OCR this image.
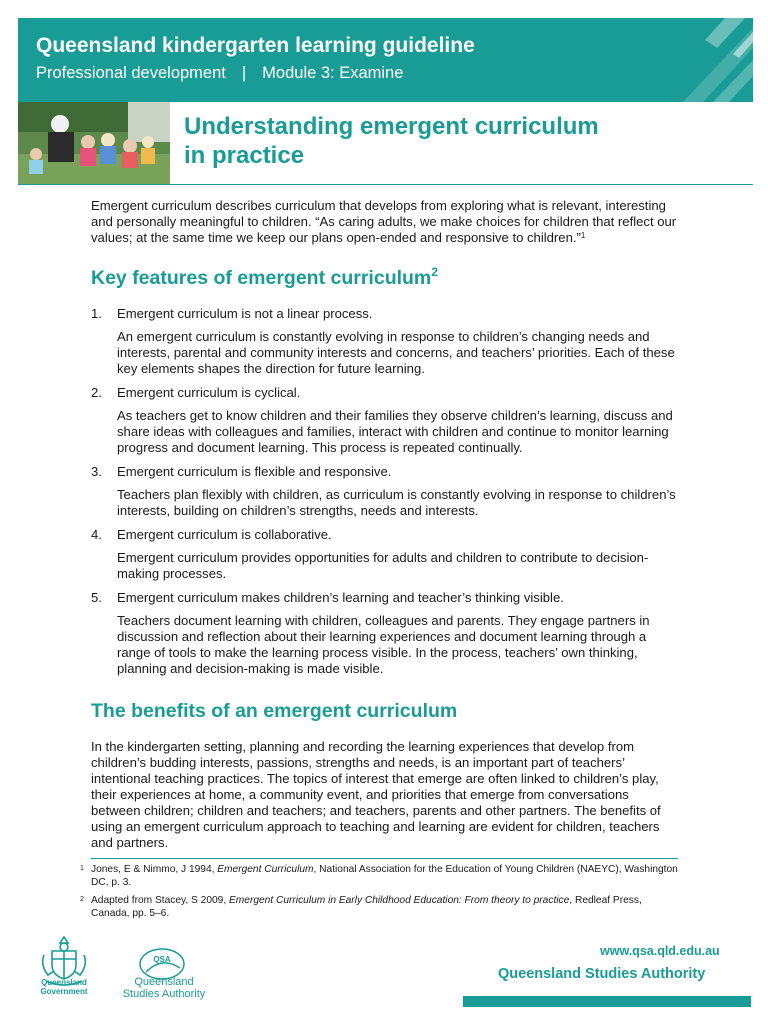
Queensland kindergarten learning guideline
Professional development | Module 3: Examine
Understanding emergent curriculum
in practice

Emergent curriculum describes curriculum that develops from exploring what is relevant, interesting and personally meaningful to children. “As caring adults, we make choices for children that reflect our values; at the same time we keep our plans open-ended and responsive to children.”$^1$

Key features of emergent curriculum$^2$
1. Emergent curriculum is not a linear process.

An emergent curriculum is constantly evolving in response to children’s changing needs and interests, parental and community interests and concerns, and teachers’ priorities. Each of these key elements shapes the direction for future learning.

2. Emergent curriculum is cyclical.

As teachers get to know children and their families they observe children’s learning, discuss and share ideas with colleagues and families, interact with children and continue to monitor learning progress and document learning. This process is repeated continually.

3. Emergent curriculum is flexible and responsive.

Teachers plan flexibly with children, as curriculum is constantly evolving in response to children’s interests, building on children’s strengths, needs and interests.

4. Emergent curriculum is collaborative.

Emergent curriculum provides opportunities for adults and children to contribute to decision-making processes.

5. Emergent curriculum makes children’s learning and teacher’s thinking visible.

Teachers document learning with children, colleagues and parents. They engage partners in discussion and reflection about their learning experiences and document learning through a range of tools to make the learning process visible. In the process, teachers’ own thinking, planning and decision-making is made visible.

The benefits of an emergent curriculum

In the kindergarten setting, planning and recording the learning experiences that develop from children’s budding interests, passions, strengths and needs, is an important part of teachers’ intentional teaching practices. The topics of interest that emerge are often linked to children’s play, their experiences at home, a community event, and priorities that emerge from conversations between children; children and teachers; and teachers, parents and other partners. The benefits of using an emergent curriculum approach to teaching and learning are evident for children, teachers and partners.

1 Jones, E & Nimmo, J 1994, Emergent Curriculum, National Association for the Education of Young Children (NAEYC), Washington DC, p. 3.
2 Adapted from Stacey, S 2009, Emergent Curriculum in Early Childhood Education: From theory to practice, Redleaf Press, Canada, pp. 5–6.
Queensland
Government
QSA
Queensland
Studies Authority
www.qsa.qld.edu.au
Queensland Studies Authority
